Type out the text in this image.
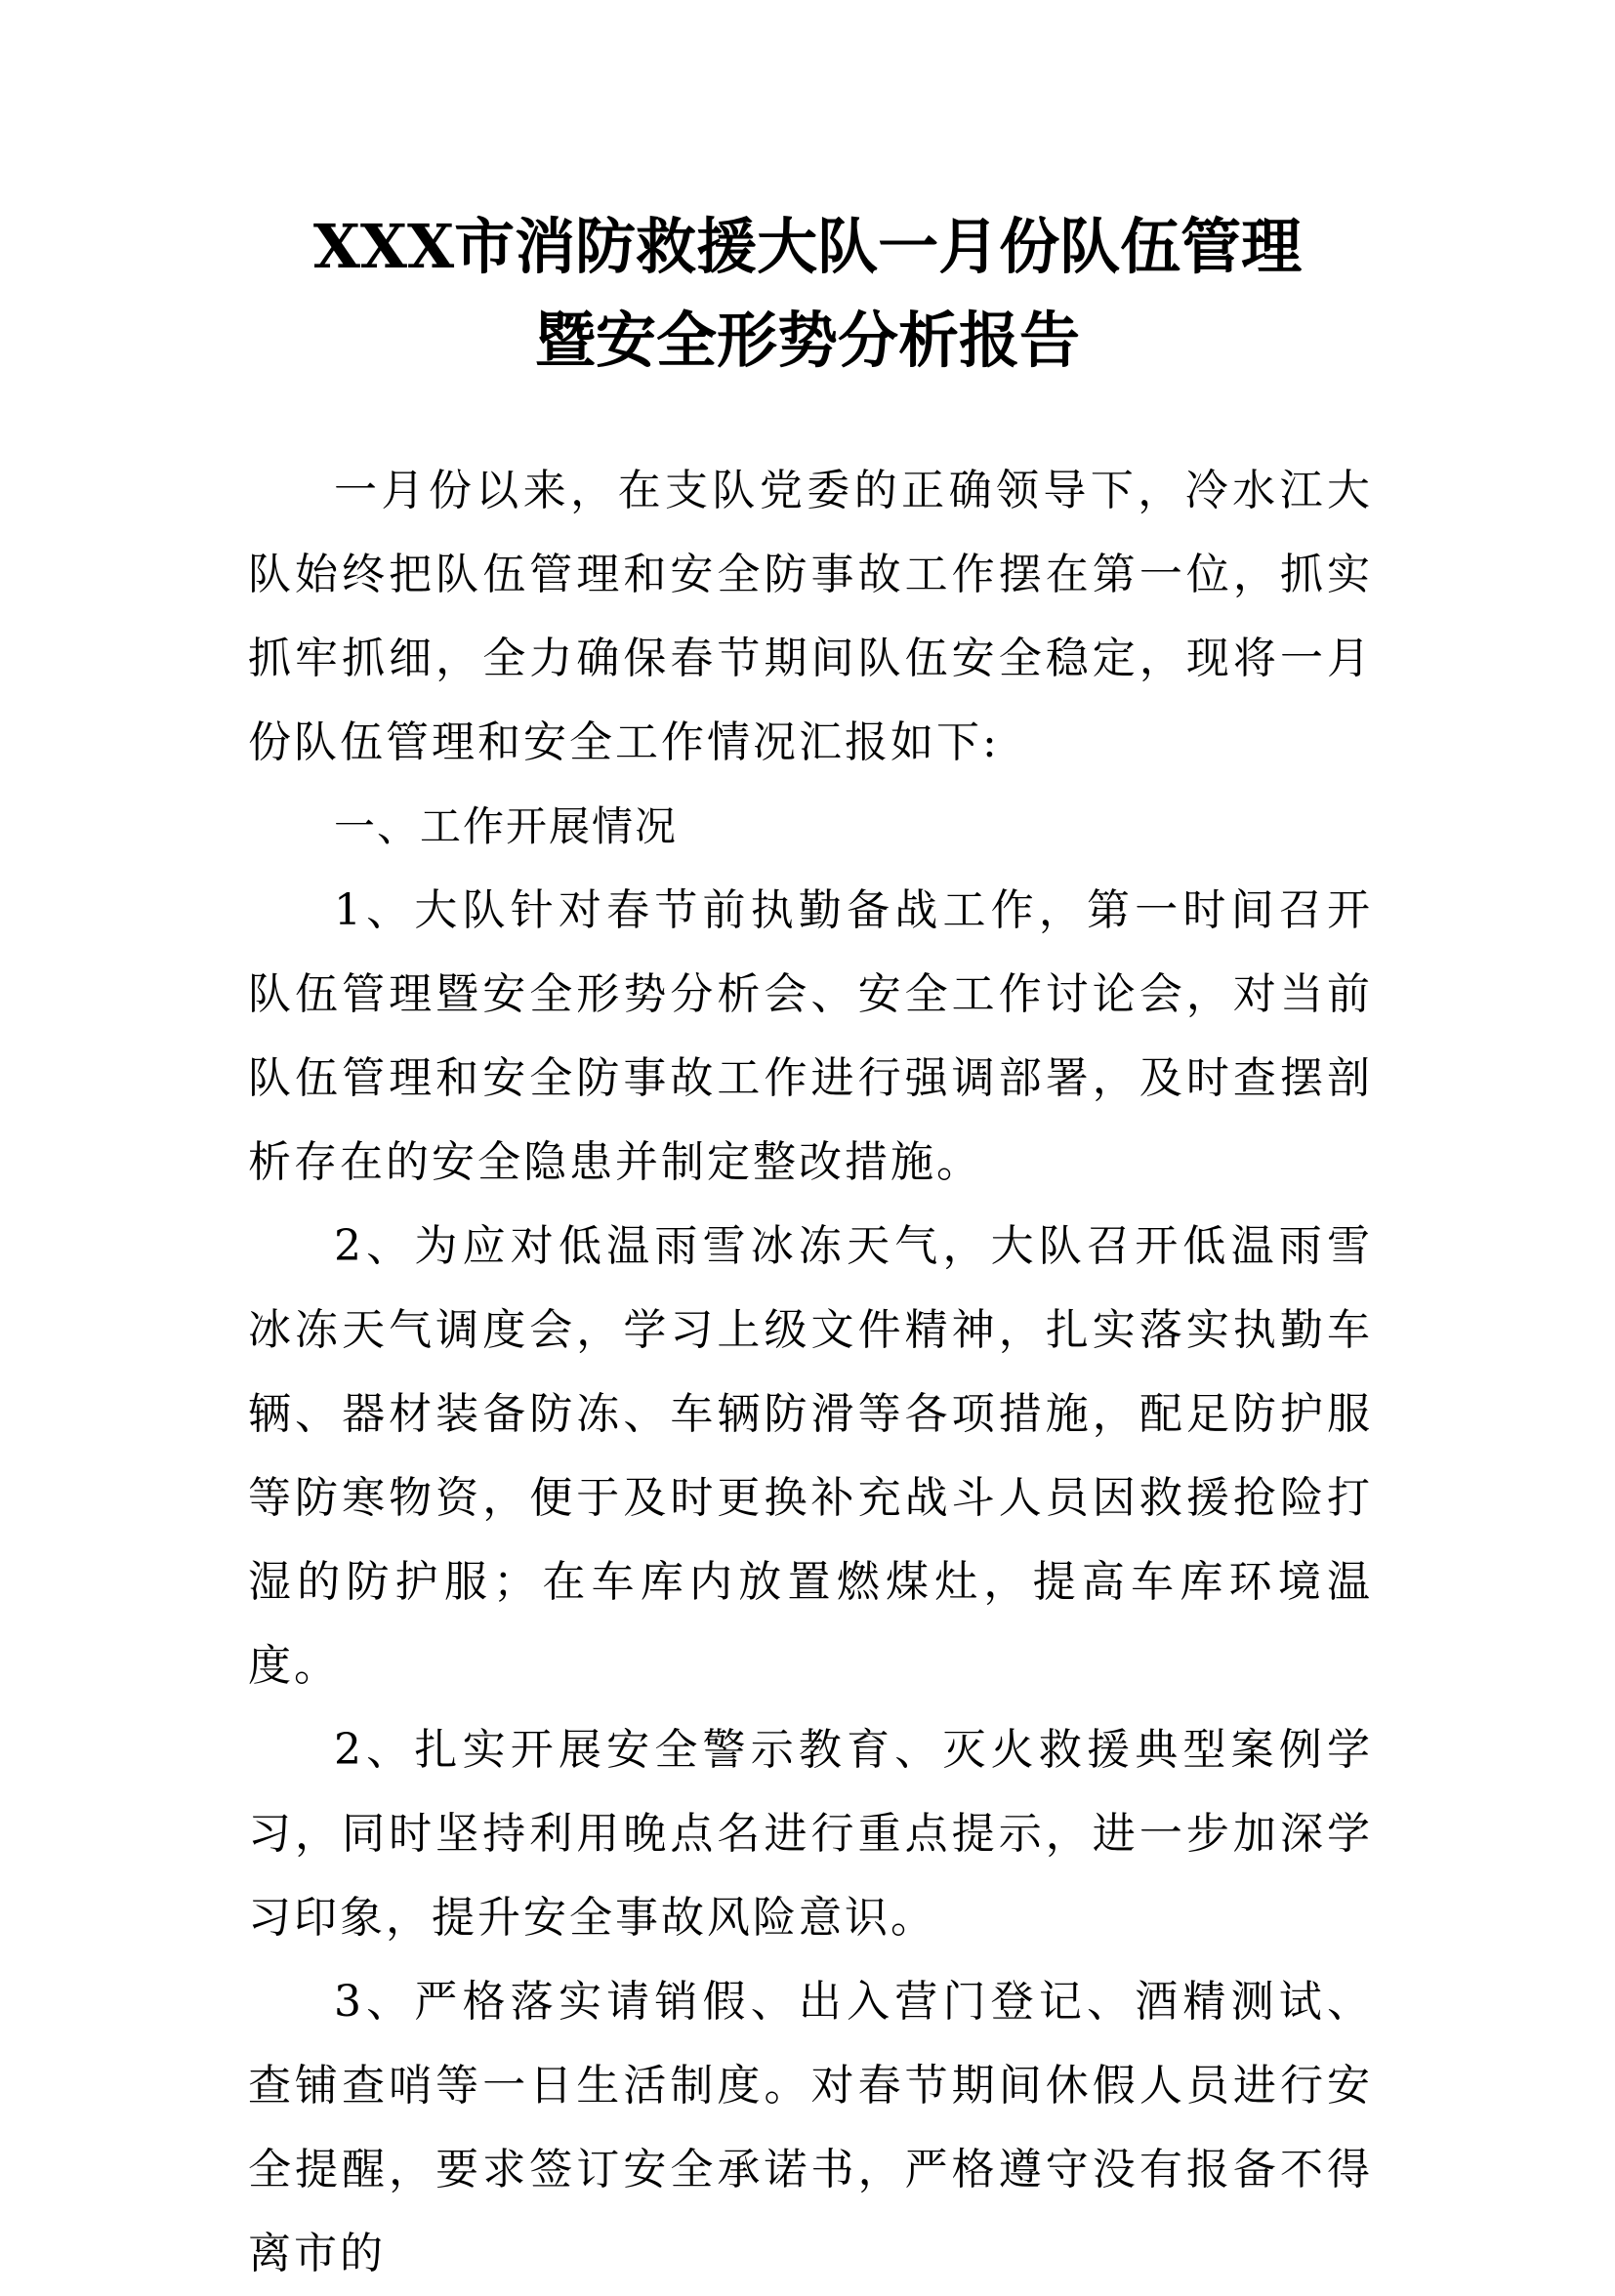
XXX市消防救援大队一月份队伍管理
暨安全形势分析报告

一月份以来，在支队党委的正确领导下，冷水江大队始终把队伍管理和安全防事故工作摆在第一位，抓实抓牢抓细，全力确保春节期间队伍安全稳定，现将一月份队伍管理和安全工作情况汇报如下:

一、工作开展情况

1、大队针对春节前执勤备战工作，第一时间召开队伍管理暨安全形势分析会、安全工作讨论会，对当前队伍管理和安全防事故工作进行强调部署，及时查摆剖析存在的安全隐患并制定整改措施。

2、为应对低温雨雪冰冻天气，大队召开低温雨雪冰冻天气调度会，学习上级文件精神，扎实落实执勤车辆、器材装备防冻、车辆防滑等各项措施，配足防护服等防寒物资，便于及时更换补充战斗人员因救援抢险打湿的防护服；在车库内放置燃煤灶，提高车库环境温度。

2、扎实开展安全警示教育、灭火救援典型案例学习，同时坚持利用晚点名进行重点提示，进一步加深学习印象，提升安全事故风险意识。

3、严格落实请销假、出入营门登记、酒精测试、查铺查哨等一日生活制度。对春节期间休假人员进行安全提醒，要求签订安全承诺书，严格遵守没有报备不得离市的
